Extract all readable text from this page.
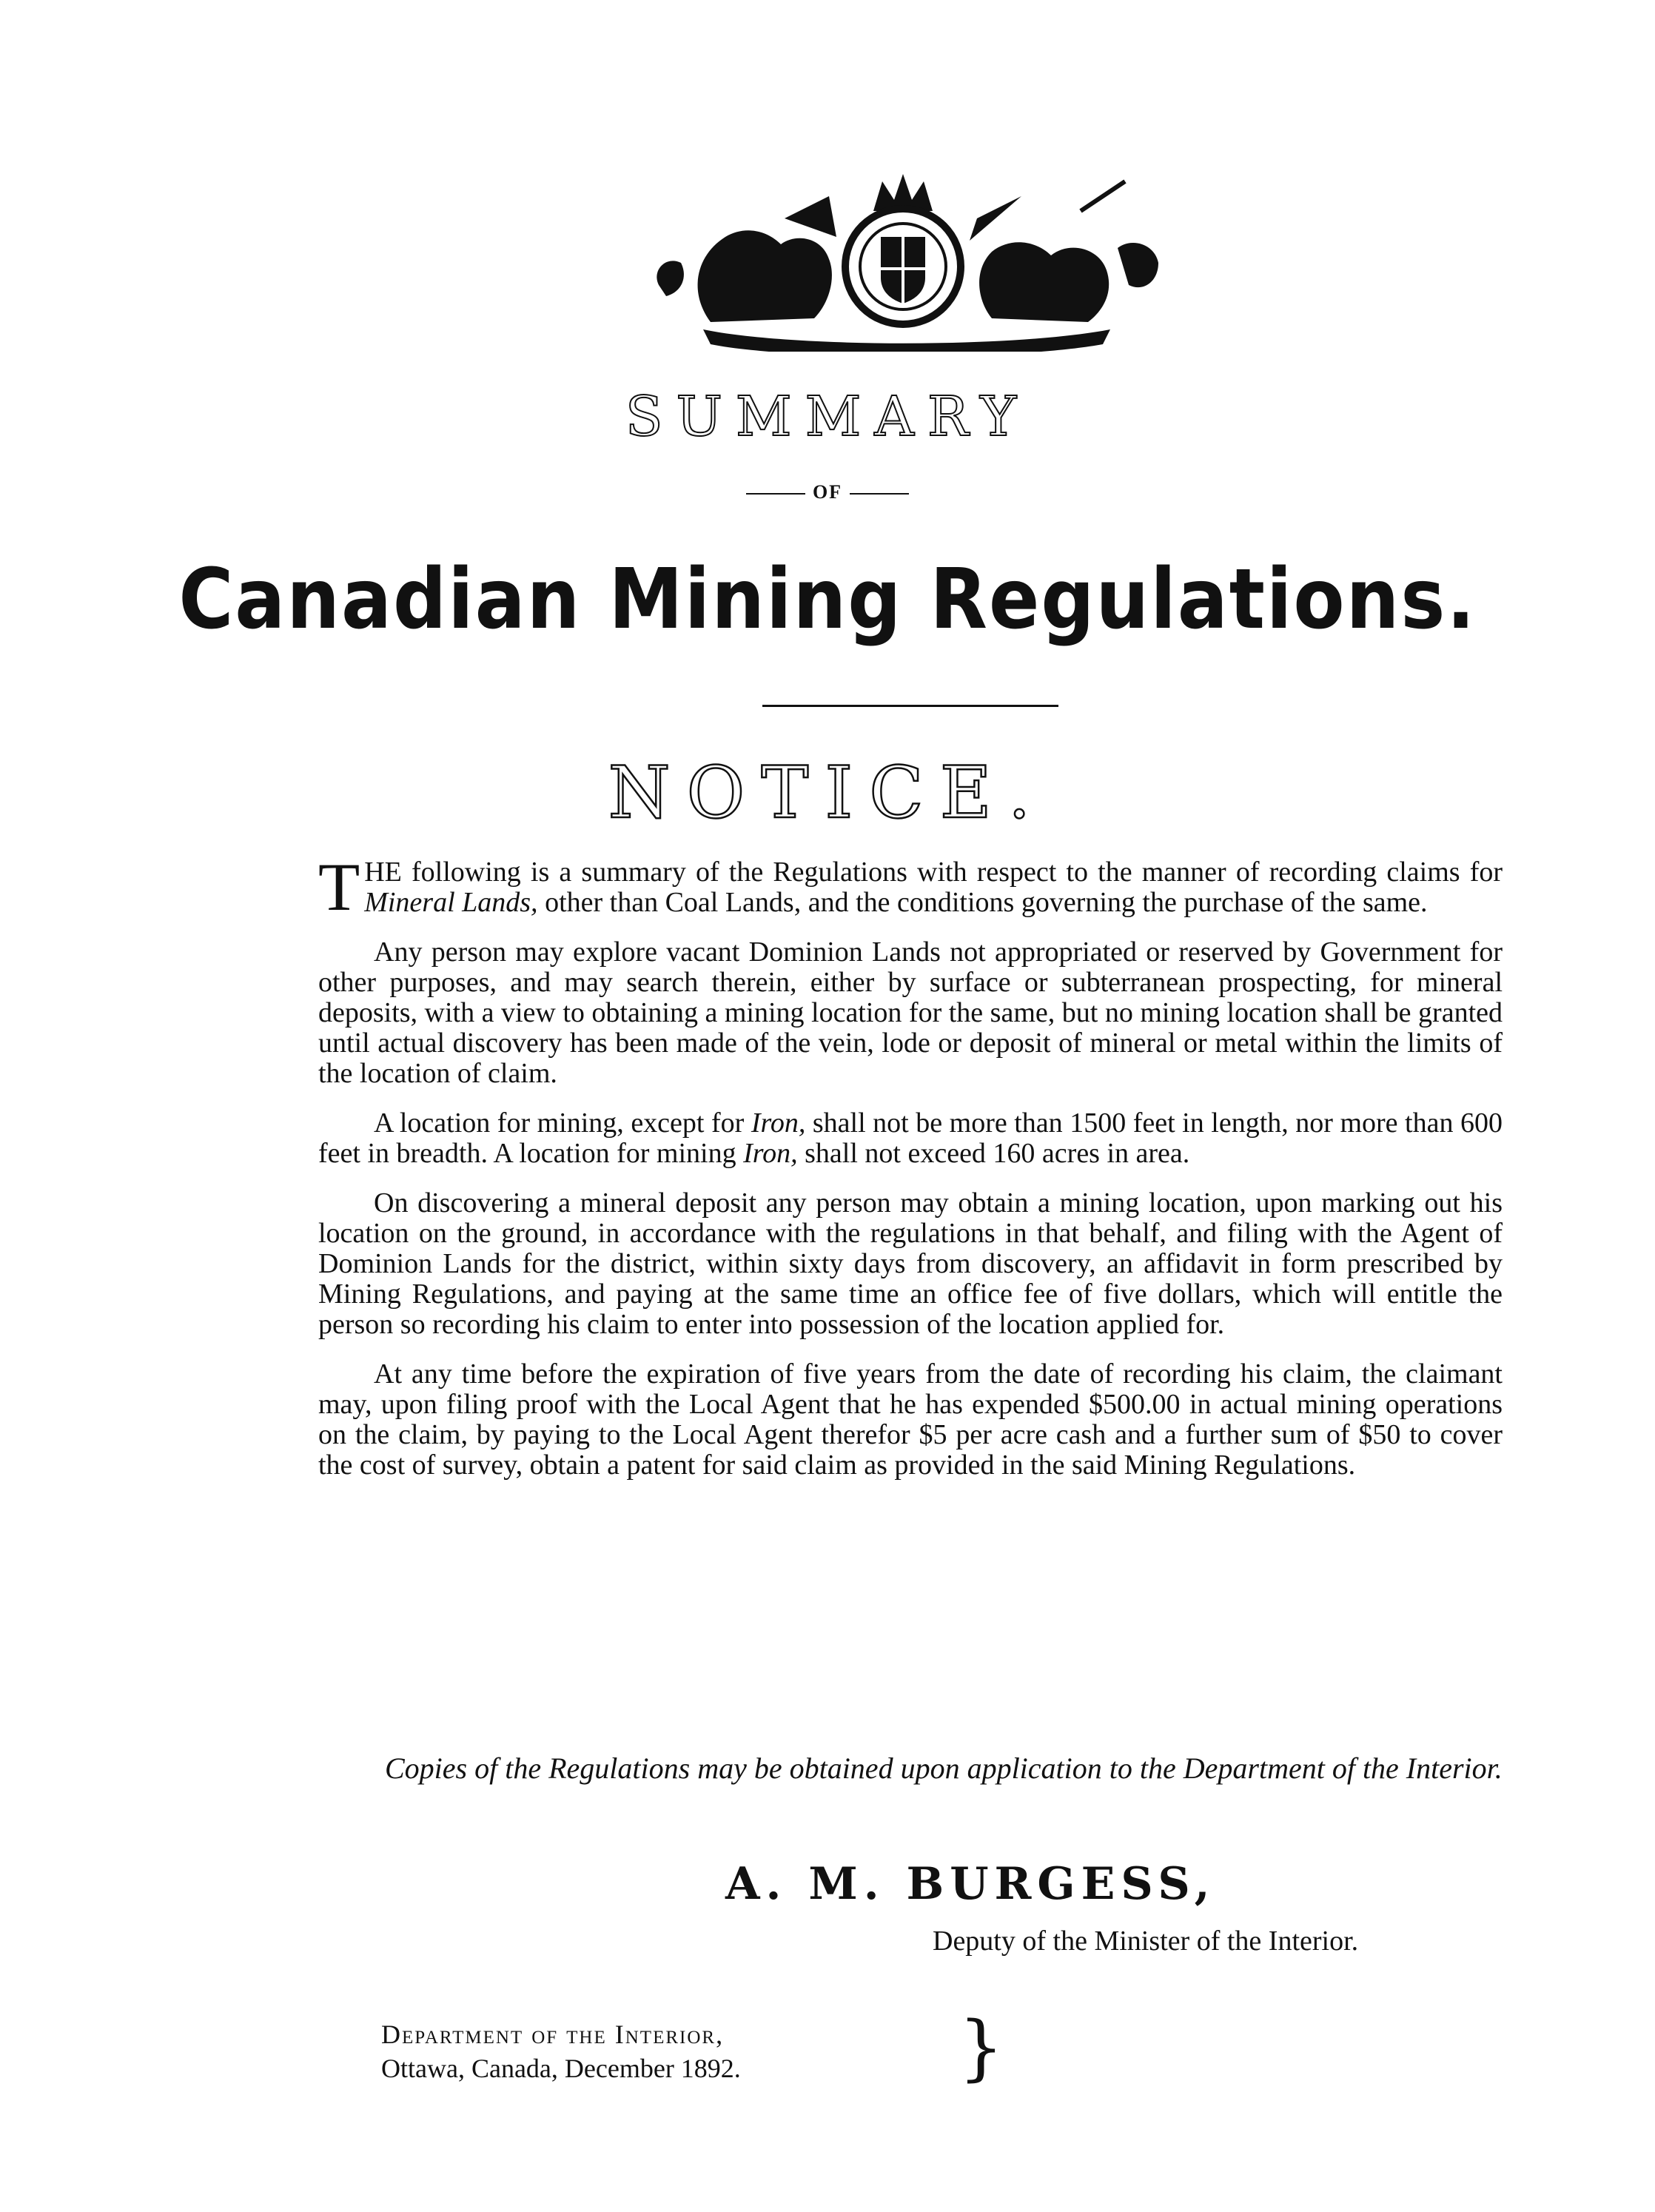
SUMMARY
OF
Canadian Mining Regulations.
NOTICE.

THE following is a summary of the Regulations with respect to the manner of recording claims for Mineral Lands, other than Coal Lands, and the conditions governing the purchase of the same.

Any person may explore vacant Dominion Lands not appropriated or reserved by Government for other purposes, and may search therein, either by surface or subterranean prospecting, for mineral deposits, with a view to obtaining a mining location for the same, but no mining location shall be granted until actual discovery has been made of the vein, lode or deposit of mineral or metal within the limits of the location of claim.

A location for mining, except for Iron, shall not be more than 1500 feet in length, nor more than 600 feet in breadth. A location for mining Iron, shall not exceed 160 acres in area.

On discovering a mineral deposit any person may obtain a mining location, upon marking out his location on the ground, in accordance with the regulations in that behalf, and filing with the Agent of Dominion Lands for the district, within sixty days from discovery, an affidavit in form prescribed by Mining Regulations, and paying at the same time an office fee of five dollars, which will entitle the person so recording his claim to enter into possession of the location applied for.

At any time before the expiration of five years from the date of recording his claim, the claimant may, upon filing proof with the Local Agent that he has expended $500.00 in actual mining operations on the claim, by paying to the Local Agent therefor $5 per acre cash and a further sum of $50 to cover the cost of survey, obtain a patent for said claim as provided in the said Mining Regulations.

Copies of the Regulations may be obtained upon application to the Department of the Interior.
A. M. BURGESS,
Deputy of the Minister of the Interior.
Department of the Interior,
Ottawa, Canada, December 1892.	}
